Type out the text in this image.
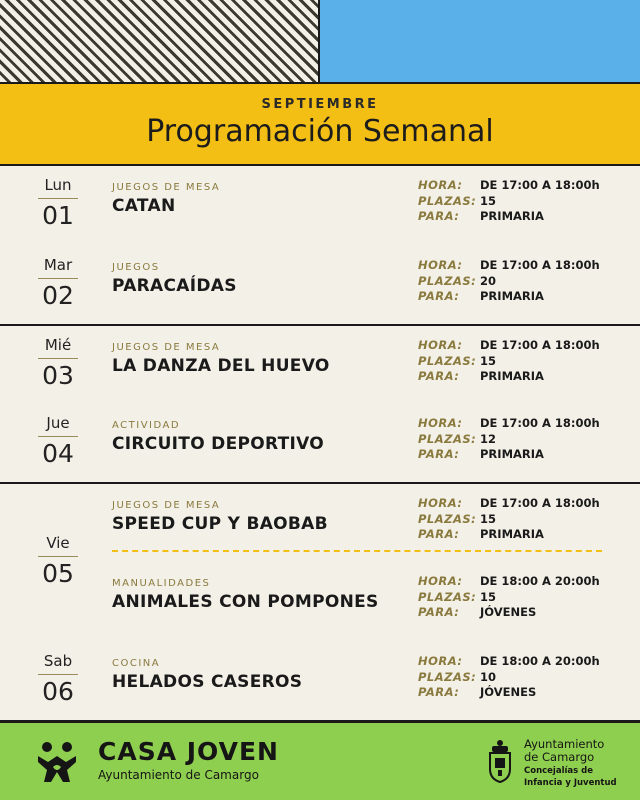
SEPTIEMBRE
Programación Semanal
Lun
01
JUEGOS DE MESA
CATAN
HORA: DE 17:00 A 18:00h
PLAZAS: 15
PARA: PRIMARIA
Mar
02
JUEGOS
PARACAÍDAS
HORA: DE 17:00 A 18:00h
PLAZAS: 20
PARA: PRIMARIA
Mié
03
JUEGOS DE MESA
LA DANZA DEL HUEVO
HORA: DE 17:00 A 18:00h
PLAZAS: 15
PARA: PRIMARIA
Jue
04
ACTIVIDAD
CIRCUITO DEPORTIVO
HORA: DE 17:00 A 18:00h
PLAZAS: 12
PARA: PRIMARIA
Vie
05
JUEGOS DE MESA
SPEED CUP Y BAOBAB
HORA: DE 17:00 A 18:00h
PLAZAS: 15
PARA: PRIMARIA
MANUALIDADES
ANIMALES CON POMPONES
HORA: DE 18:00 A 20:00h
PLAZAS: 15
PARA: JÓVENES
Sab
06
COCINA
HELADOS CASEROS
HORA: DE 18:00 A 20:00h
PLAZAS: 10
PARA: JÓVENES
CASA JOVEN
Ayuntamiento de Camargo
Ayuntamiento
de Camargo
Concejalías de
Infancia y Juventud
